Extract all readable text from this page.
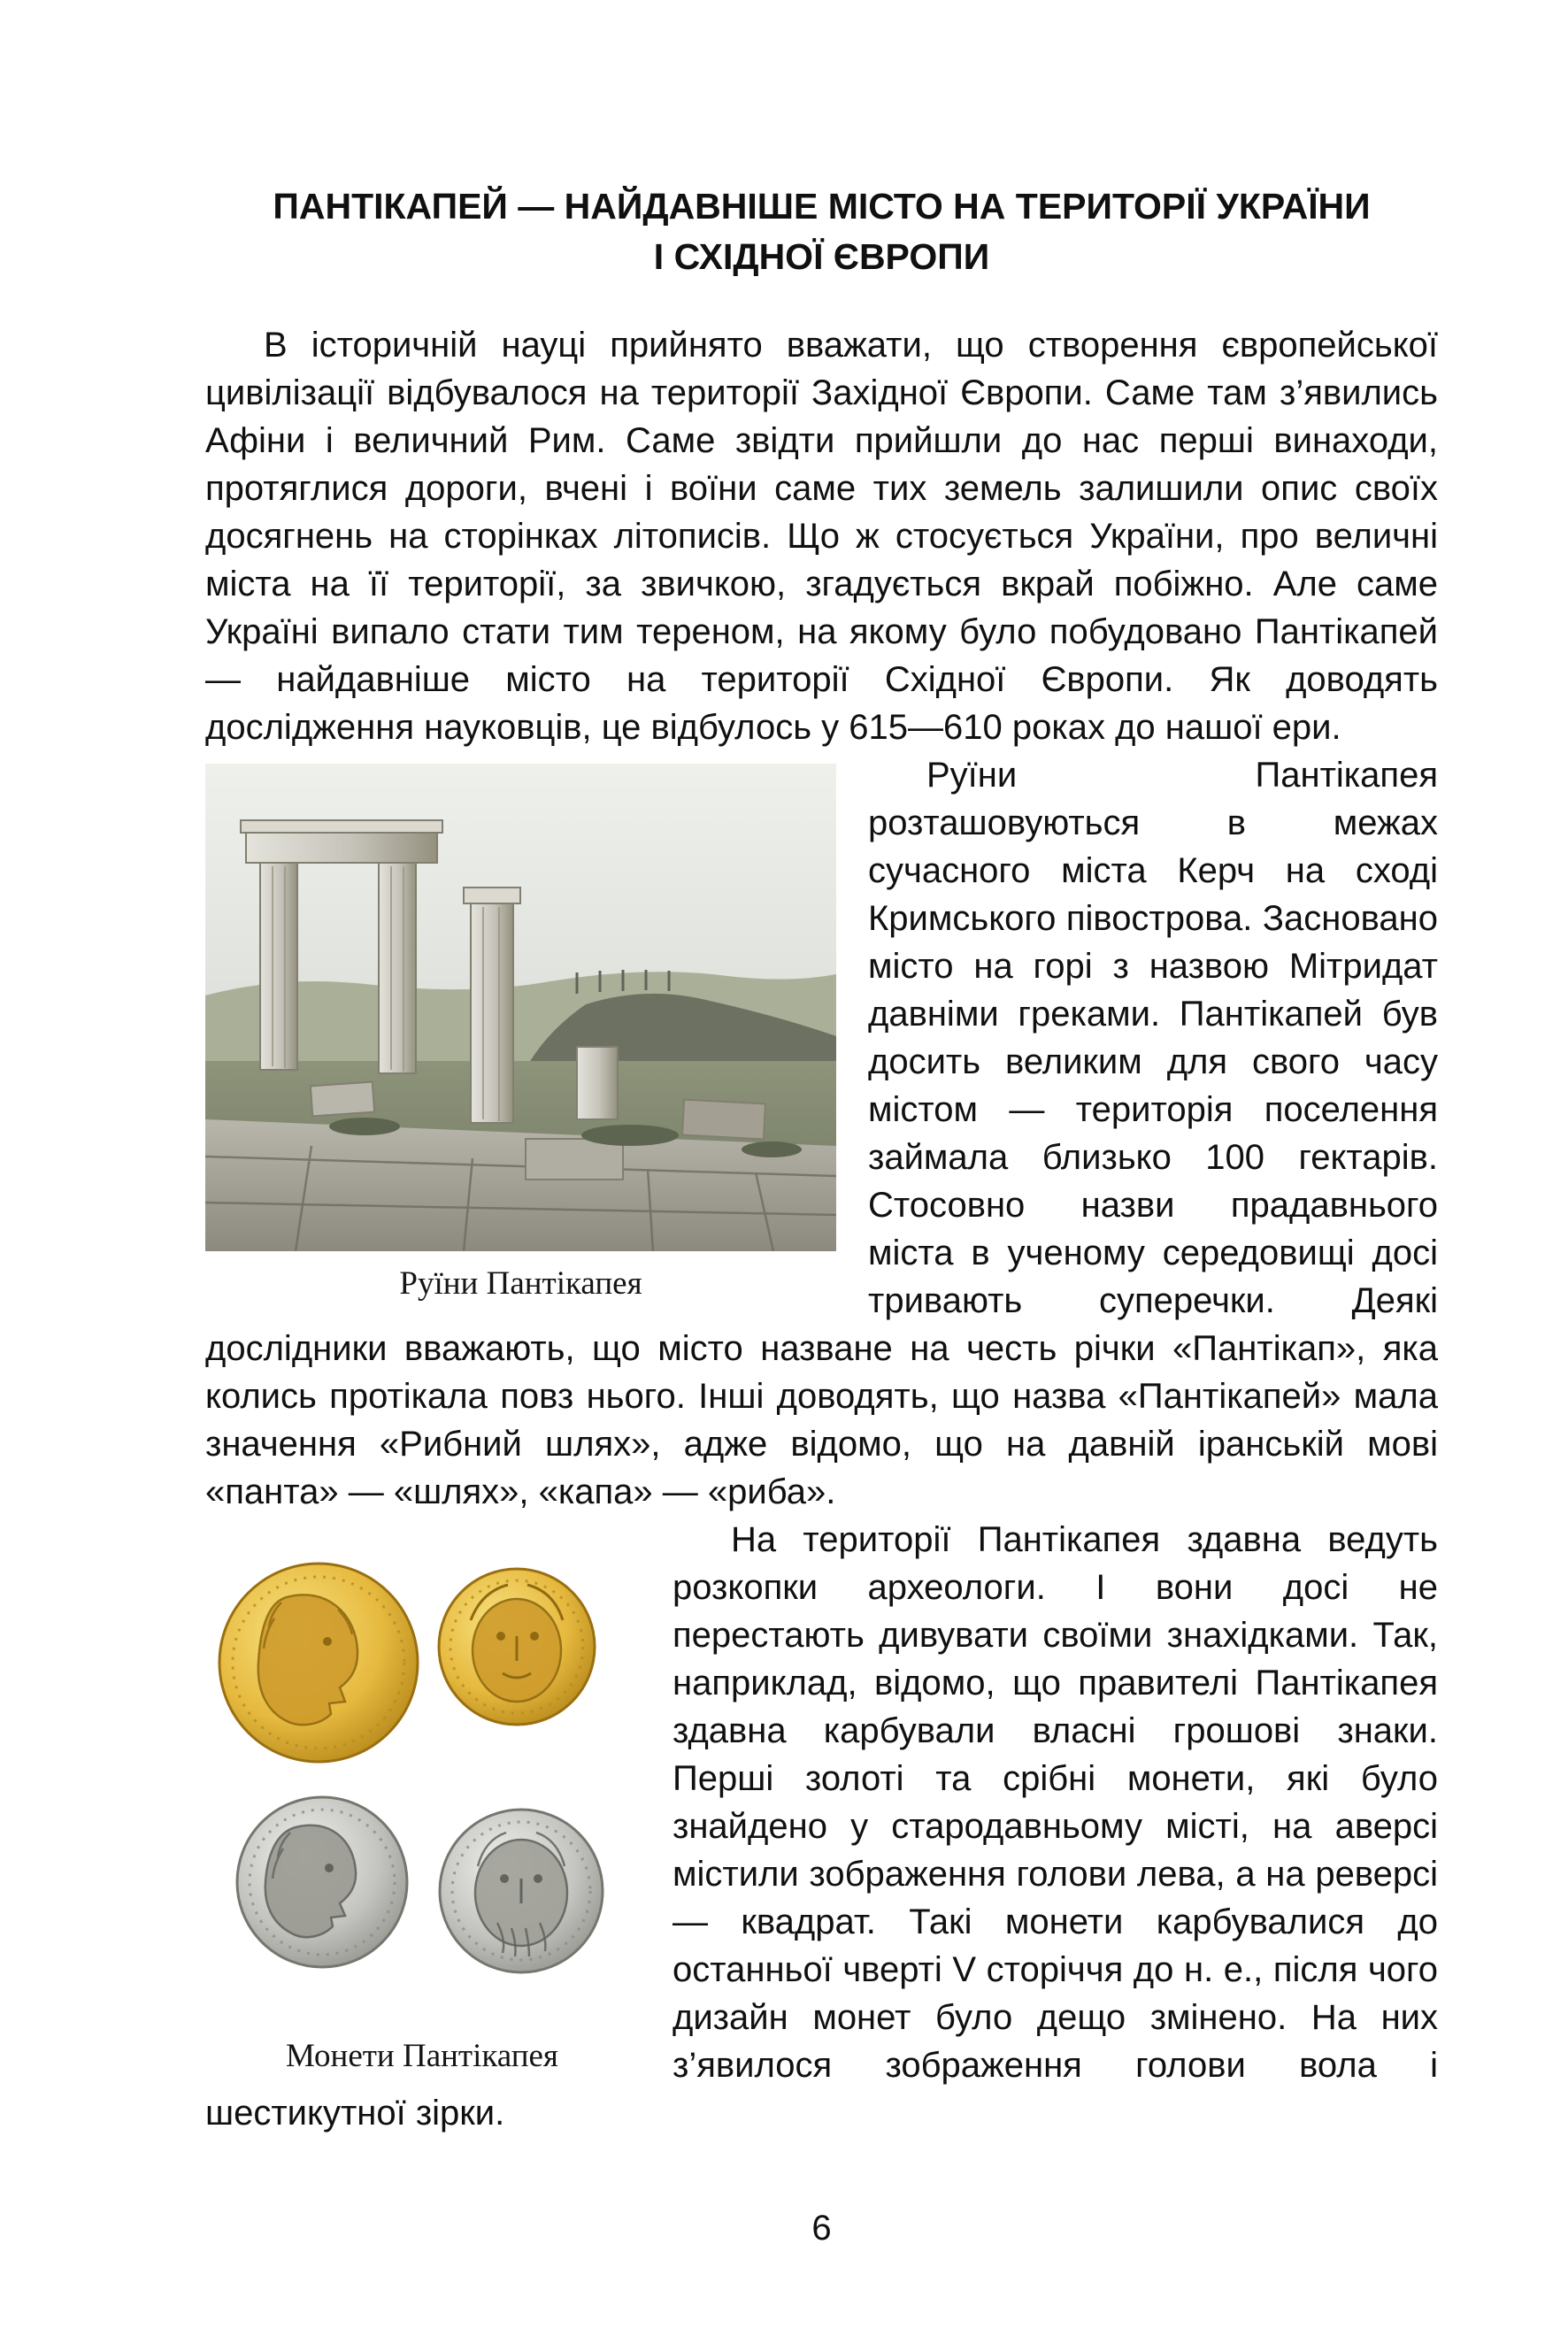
ПАНТІКАПЕЙ — НАЙДАВНІШЕ МІСТО НА ТЕРИТОРІЇ УКРАЇНИ
І СХІДНОЇ ЄВРОПИ

В історичній науці прийнято вважати, що створення європейської цивілізації відбувалося на території Західної Європи. Саме там з’явились Афіни і величний Рим. Саме звідти прийшли до нас перші винаходи, протяглися дороги, вчені і воїни саме тих земель залишили опис своїх досягнень на сторінках літописів. Що ж стосується України, про величні міста на її території, за звичкою, згадується вкрай побіжно. Але саме Україні випало стати тим тереном, на якому було побудовано Пантікапей — найдавніше місто на території Східної Європи. Як доводять дослідження науковців, це відбулось у 615—610 роках до нашої ери.

Руїни Пантікапея

Руїни Пантікапея розташовуються в межах сучасного міста Керч на сході Кримського півострова. Засновано місто на горі з назвою Мітридат давніми греками. Пантікапей був досить великим для свого часу містом — територія поселення займала близько 100 гектарів. Стосовно назви прадавнього міста в ученому середовищі досі тривають суперечки. Деякі дослідники вважають, що місто назване на честь річки «Пантікап», яка колись протікала повз нього. Інші доводять, що назва «Пантікапей» мала значення «Рибний шлях», адже відомо, що на давній іранській мові «панта» — «шлях», «капа» — «риба».

Монети Пантікапея

На території Пантікапея здавна ведуть розкопки археологи. І вони досі не перестають дивувати своїми знахідками. Так, наприклад, відомо, що правителі Пантікапея здавна карбували власні грошові знаки. Перші золоті та срібні монети, які було знайдено у стародавньому місті, на аверсі містили зображення голови лева, а на реверсі — квадрат. Такі монети карбувалися до останньої чверті V сторіччя до н. е., після чого дизайн монет було дещо змінено. На них з’явилося зображення голови вола і шестикутної зірки.

6
